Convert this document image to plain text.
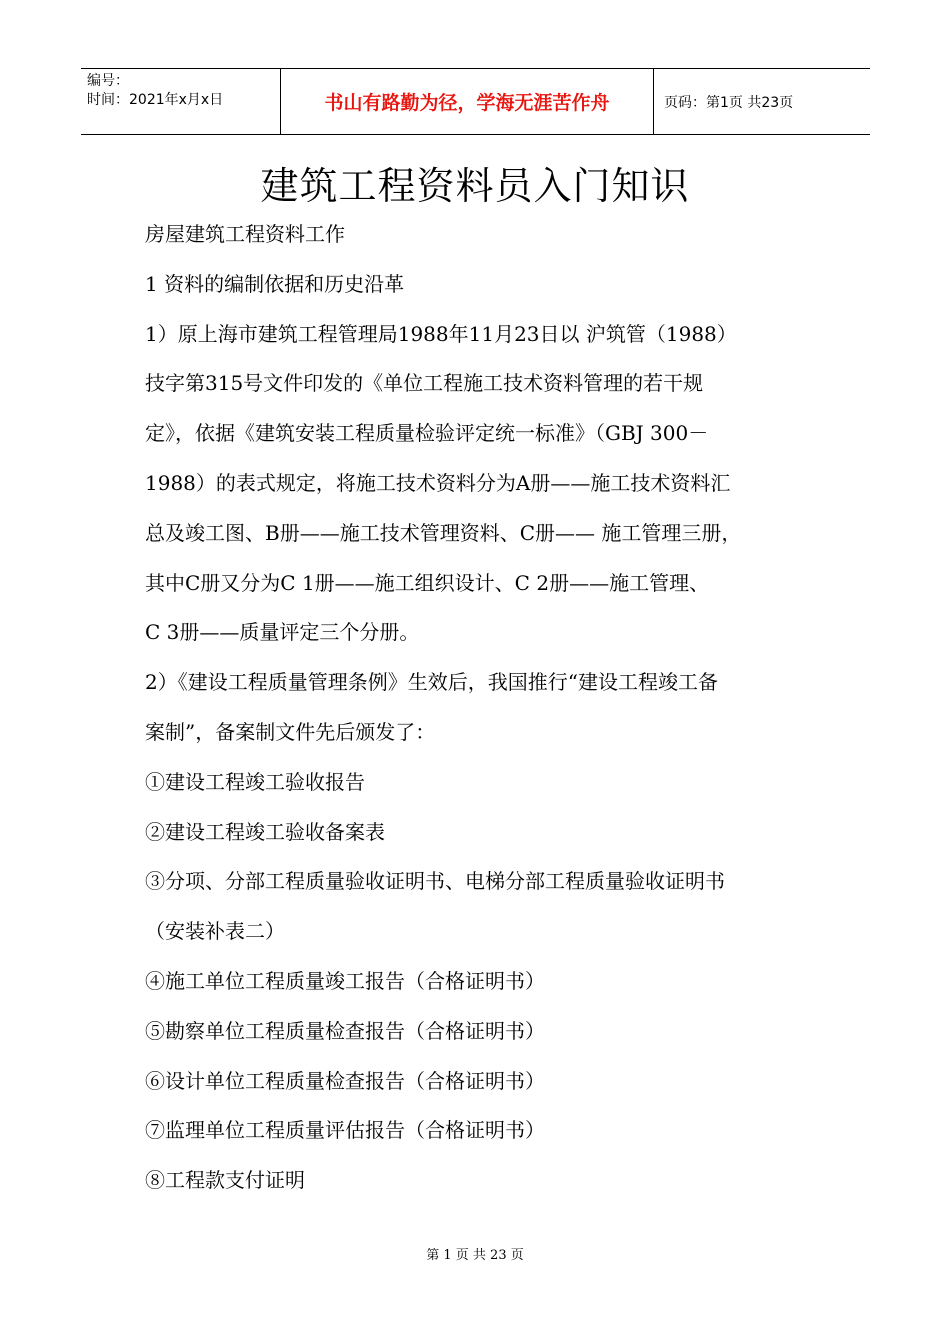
编号：
时间：2021年x月x日	书山有路勤为径，学海无涯苦作舟	页码：第1页 共23页
建筑工程资料员入门知识

房屋建筑工程资料工作

1 资料的编制依据和历史沿革

1）原上海市建筑工程管理局1988年11月23日以 沪筑管（1988）

技字第315号文件印发的《单位工程施工技术资料管理的若干规

定》，依据《建筑安装工程质量检验评定统一标准》（GBJ 300－

1988）的表式规定，将施工技术资料分为A册——施工技术资料汇

总及竣工图、B册——施工技术管理资料、C册—— 施工管理三册，

其中C册又分为C 1册——施工组织设计、C 2册——施工管理、

C 3册——质量评定三个分册。

2）《建设工程质量管理条例》生效后，我国推行“建设工程竣工备

案制”，备案制文件先后颁发了：

①建设工程竣工验收报告

②建设工程竣工验收备案表

③分项、分部工程质量验收证明书、电梯分部工程质量验收证明书

（安装补表二）

④施工单位工程质量竣工报告（合格证明书）

⑤勘察单位工程质量检查报告（合格证明书）

⑥设计单位工程质量检查报告（合格证明书）

⑦监理单位工程质量评估报告（合格证明书）

⑧工程款支付证明

第 1 页 共 23 页
